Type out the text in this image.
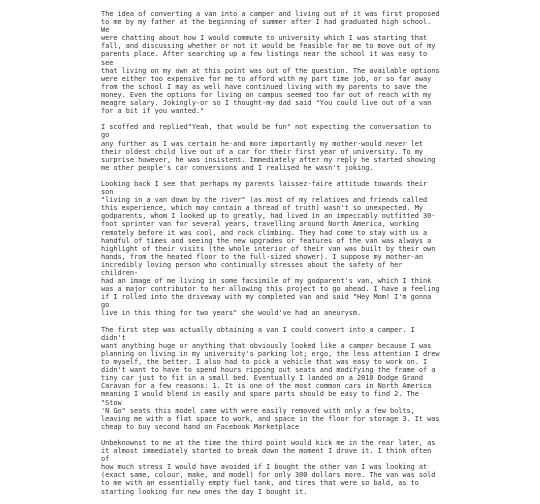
The idea of converting a van into a camper and living out of it was first proposed
to me by my father at the beginning of summer after I had graduated high school. We
were chatting about how I would commute to university which I was starting that
fall, and discussing whether or not it would be feasible for me to move out of my
parents place. After searching up a few listings near the school it was easy to see
that living on my own at this point was out of the question. The available options
were either too expensive for me to afford with my part time job, or so far away
from the school I may as well have continued living with my parents to save the
money. Even the options for living on campus seemed too far out of reach with my
meagre salary. Jokingly-or so I thought-my dad said "You could live out of a van
for a bit if you wanted."

I scoffed and replied"Yeah, that would be fun" not expecting the conversation to go
any further as I was certain he-and more importantly my mother-would never let
their oldest child live out of a car for their first year of university. To my
surprise however, he was insistent. Immediately after my reply he started showing
me other people's car conversions and I realised he wasn't joking.

Looking back I see that perhaps my parents laissez-faire attitude towards their son
"living in a van down by the river" (as most of my relatives and friends called
this experience, which may contain a thread of truth) wasn't so unexpected. My
godparents, whom I looked up to greatly, had lived in an impeccably outfitted 30-
foot sprinter van for several years, travelling around North America, working
remotely before it was cool, and rock climbing. They had come to stay with us a
handful of times and seeing the new upgrades or features of the van was always a
highlight of their visits (the whole interior of their van was built by their own
hands, from the heated floor to the full-sized shower). I suppose my mother-an
incredibly loving person who continually stresses about the safety of her children-
had an image of me living in some facsimile of my godparent's van, which I think
was a major contributor to her allowing this project to go ahead. I have a feeling
if I rolled into the driveway with my completed van and said "Hey Mom! I'm gonna go
live in this thing for two years" she would've had an aneurysm.

The first step was actually obtaining a van I could convert into a camper. I didn't
want anything huge or anything that obviously looked like a camper because I was
planning on living in my university's parking lot; ergo, the less attention I drew
to myself, the better. I also had to pick a vehicle that was easy to work on. I
didn't want to have to spend hours ripping out seats and modifying the frame of a
tiny car just to fit in a small bed. Eventually I landed on a 2010 Dodge Grand
Caravan for a few reasons: 1. It is one of the most common cars in North America
meaning I would blend in easily and spare parts should be easy to find 2. The "Stow
'N Go" seats this model came with were easily removed with only a few bolts,
leaving me with a flat space to work, and space in the floor for storage 3. It was
cheap to buy second hand on Facebook Marketplace

Unbeknownst to me at the time the third point would kick me in the rear later, as
it almost immediately started to break down the moment I drove it. I think often of
how much stress I would have avoided if I bought the other van I was looking at
(exact same, colour, make, and model) for only 300 dollars more. The van was sold
to me with an essentially empty fuel tank, and tires that were so bald, as to
starting looking for new ones the day I bought it.
